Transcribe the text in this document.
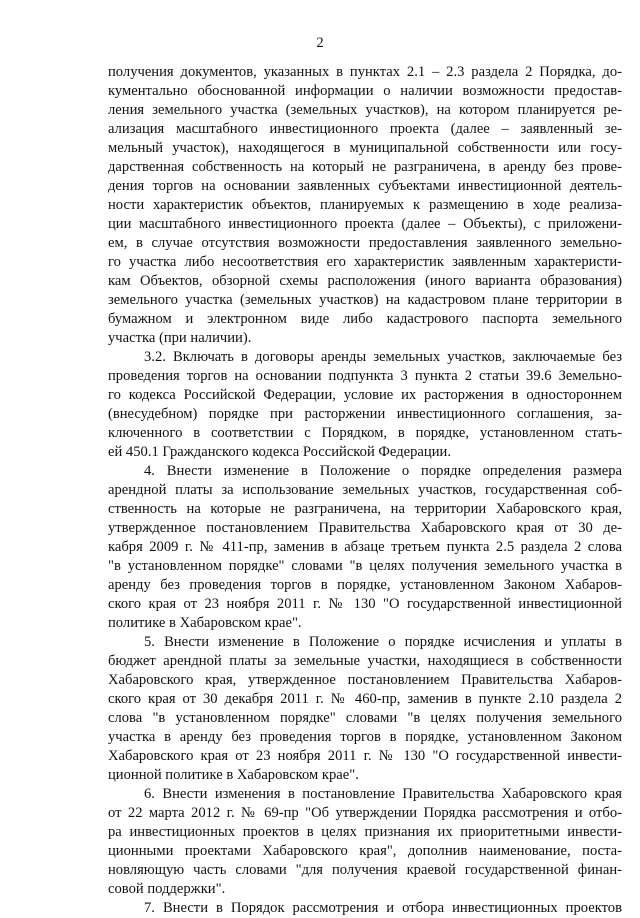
2
получения документов, указанных в пунктах 2.1 – 2.3 раздела 2 Порядка, до-
кументально обоснованной информации о наличии возможности предостав-
ления земельного участка (земельных участков), на котором планируется ре-
ализация масштабного инвестиционного проекта (далее – заявленный зе-
мельный участок), находящегося в муниципальной собственности или госу-
дарственная собственность на который не разграничена, в аренду без прове-
дения торгов на основании заявленных субъектами инвестиционной деятель-
ности характеристик объектов, планируемых к размещению в ходе реализа-
ции масштабного инвестиционного проекта (далее – Объекты), с приложени-
ем, в случае отсутствия возможности предоставления заявленного земельно-
го участка либо несоответствия его характеристик заявленным характеристи-
кам Объектов, обзорной схемы расположения (иного варианта образования)
земельного участка (земельных участков) на кадастровом плане территории в
бумажном и электронном виде либо кадастрового паспорта земельного
участка (при наличии).
3.2. Включать в договоры аренды земельных участков, заключаемые без
проведения торгов на основании подпункта 3 пункта 2 статьи 39.6 Земельно-
го кодекса Российской Федерации, условие их расторжения в одностороннем
(внесудебном) порядке при расторжении инвестиционного соглашения, за-
ключенного в соответствии с Порядком, в порядке, установленном стать-
ей 450.1 Гражданского кодекса Российской Федерации.
4. Внести изменение в Положение о порядке определения размера
арендной платы за использование земельных участков, государственная соб-
ственность на которые не разграничена, на территории Хабаровского края,
утвержденное постановлением Правительства Хабаровского края от 30 де-
кабря 2009 г. № 411-пр, заменив в абзаце третьем пункта 2.5 раздела 2 слова
"в установленном порядке" словами "в целях получения земельного участка в
аренду без проведения торгов в порядке, установленном Законом Хабаров-
ского края от 23 ноября 2011 г. № 130 "О государственной инвестиционной
политике в Хабаровском крае".
5. Внести изменение в Положение о порядке исчисления и уплаты в
бюджет арендной платы за земельные участки, находящиеся в собственности
Хабаровского края, утвержденное постановлением Правительства Хабаров-
ского края от 30 декабря 2011 г. № 460-пр, заменив в пункте 2.10 раздела 2
слова "в установленном порядке" словами "в целях получения земельного
участка в аренду без проведения торгов в порядке, установленном Законом
Хабаровского края от 23 ноября 2011 г. № 130 "О государственной инвести-
ционной политике в Хабаровском крае".
6. Внести изменения в постановление Правительства Хабаровского края
от 22 марта 2012 г. № 69-пр "Об утверждении Порядка рассмотрения и отбо-
ра инвестиционных проектов в целях признания их приоритетными инвести-
ционными проектами Хабаровского края", дополнив наименование, поста-
новляющую часть словами "для получения краевой государственной финан-
совой поддержки".
7. Внести в Порядок рассмотрения и отбора инвестиционных проектов
